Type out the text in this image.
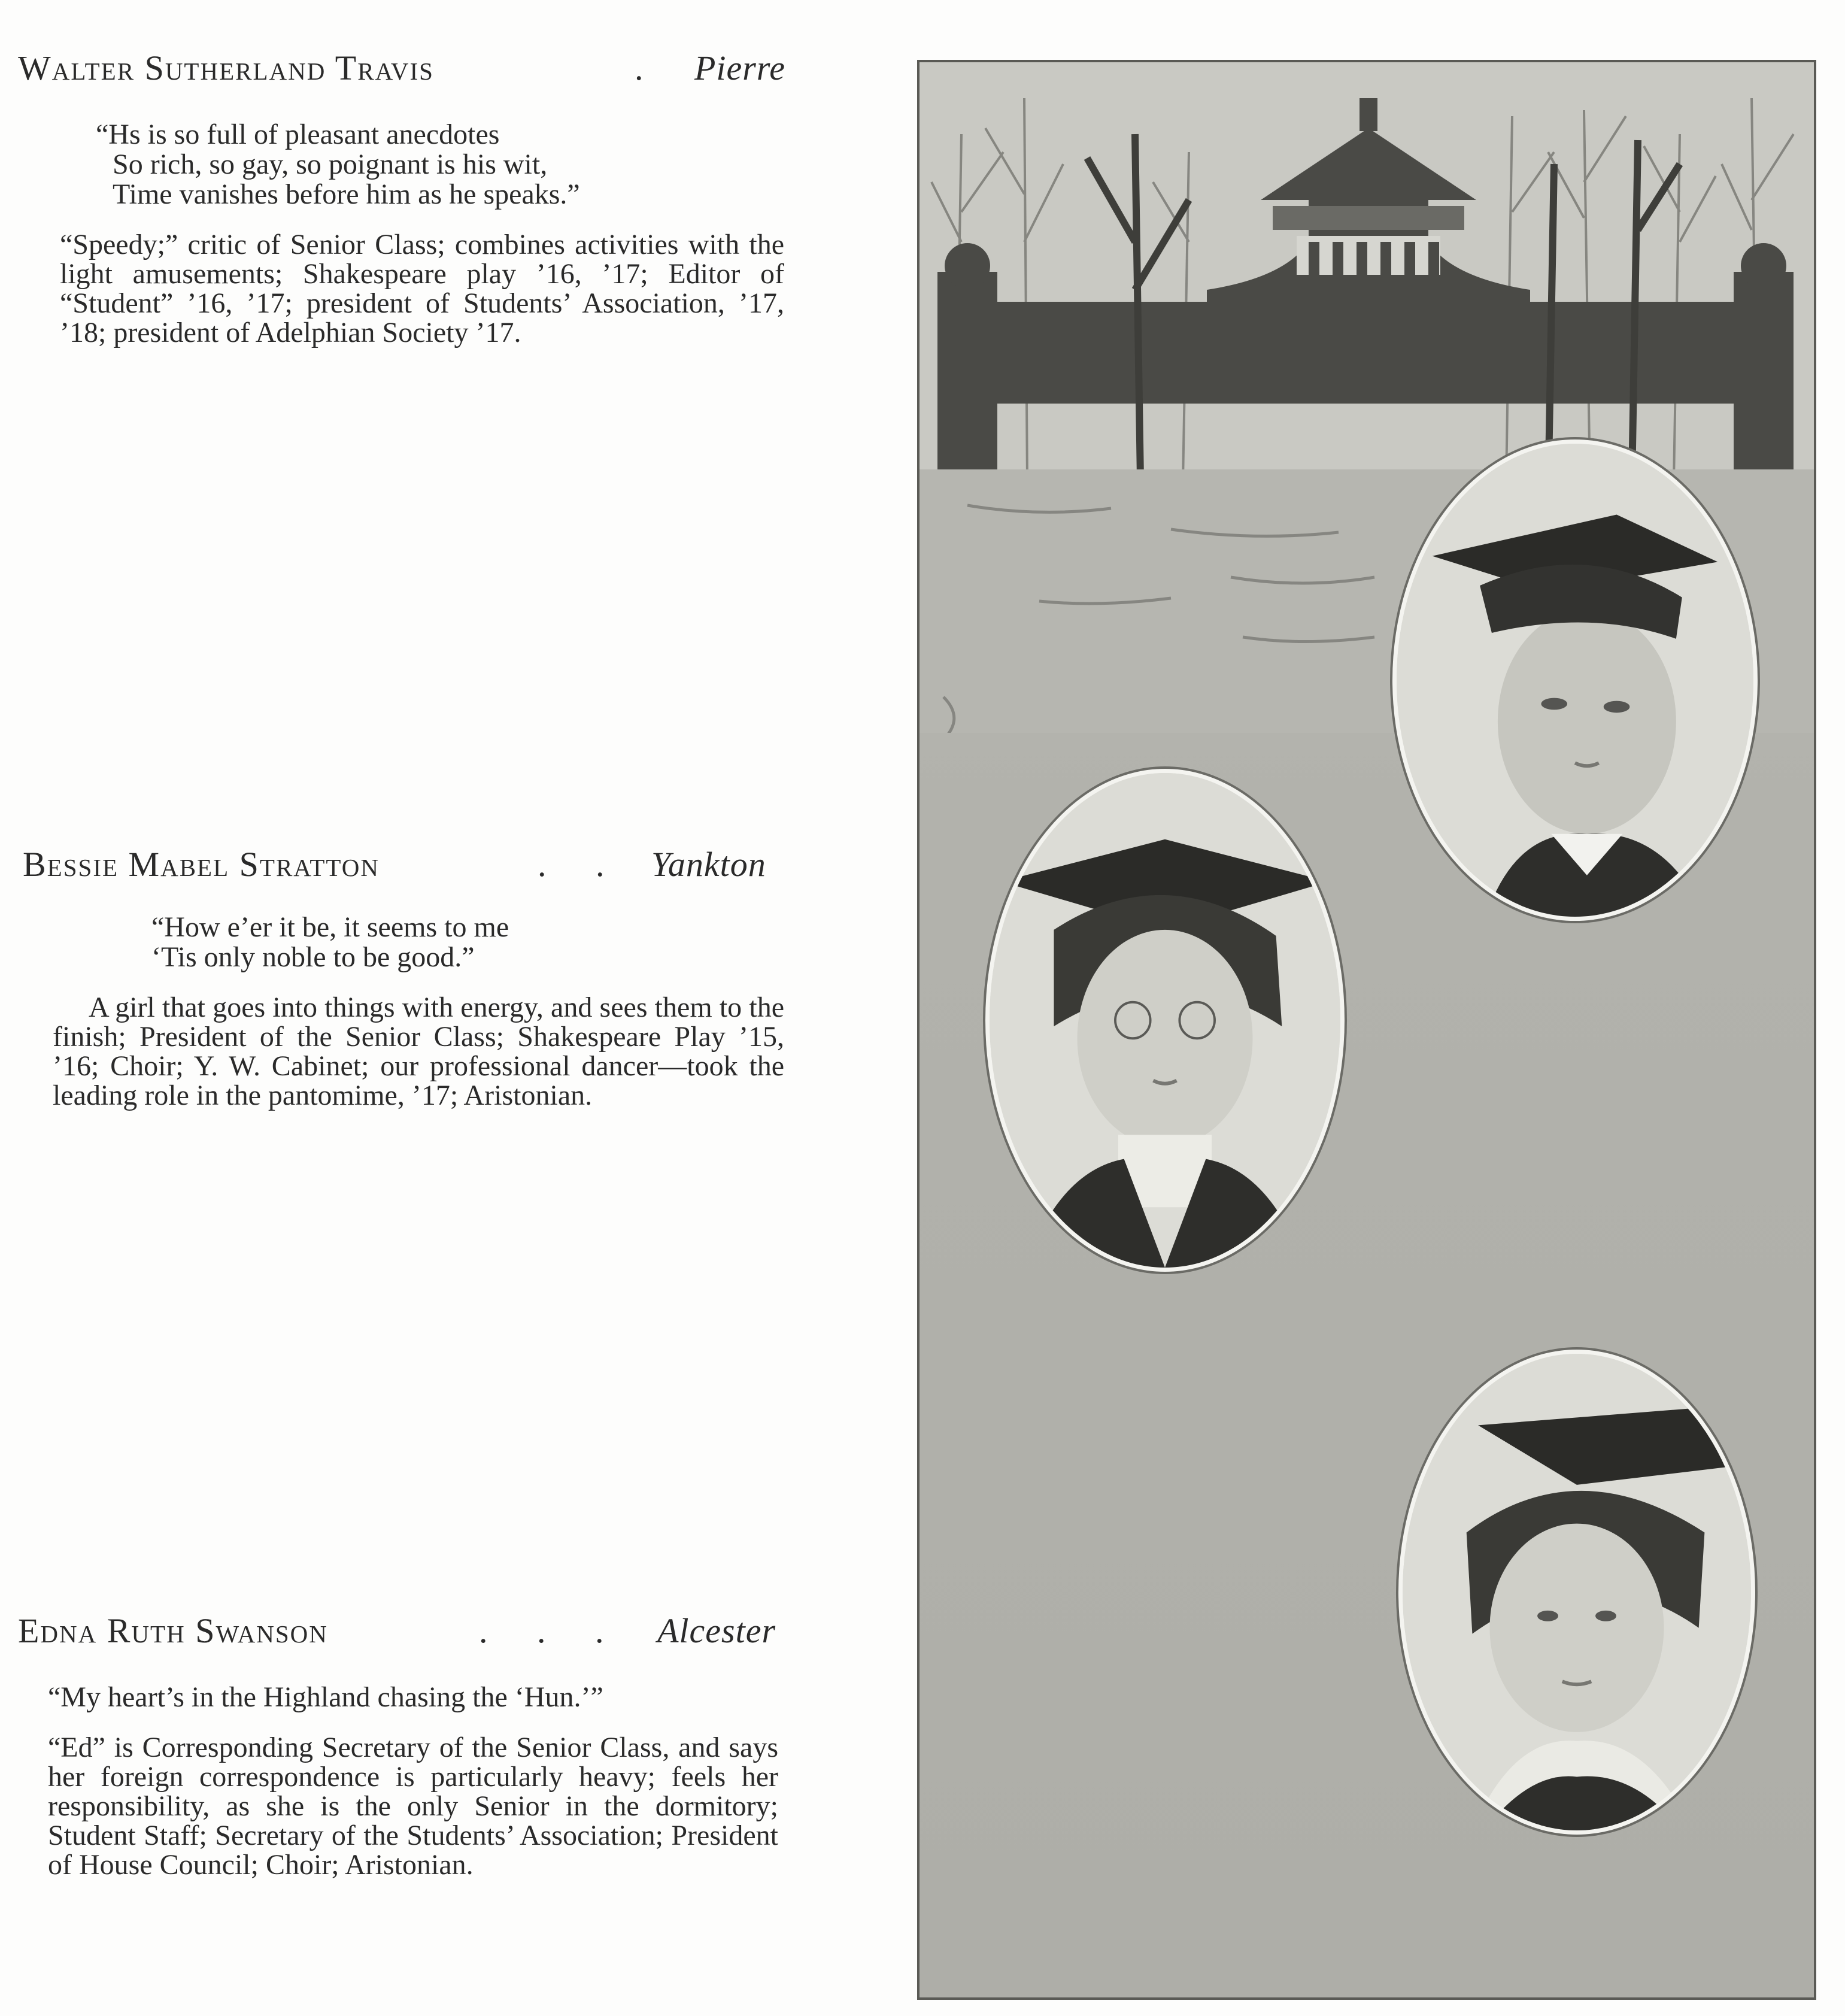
Walter Sutherland Travis	. Pierre
“Hs is so full of pleasant anecdotes
So rich, so gay, so poignant is his wit,
Time vanishes before him as he speaks.”
“Speedy;” critic of Senior Class; combines activities with the light amusements; Shakespeare play ’16, ’17; Editor of “Student” ’16, ’17; president of Students’ Association, ’17, ’18; president of Adelphian Society ’17.
Bessie Mabel Stratton	. . Yankton
“How e’er it be, it seems to me
‘Tis only noble to be good.”
A girl that goes into things with energy, and sees them to the finish; President of the Senior Class; Shakespeare Play ’15, ’16; Choir; Y. W. Cabinet; our professional dancer—took the leading role in the pantomime, ’17; Aristonian.
Edna Ruth Swanson	. . . Alcester
“My heart’s in the Highland chasing the ‘Hun.’”
“Ed” is Corresponding Secretary of the Senior Class, and says her foreign correspondence is particularly heavy; feels her responsibility, as she is the only Senior in the dormitory; Student Staff; Secretary of the Students’ Association; President of House Council; Choir; Aristonian.
